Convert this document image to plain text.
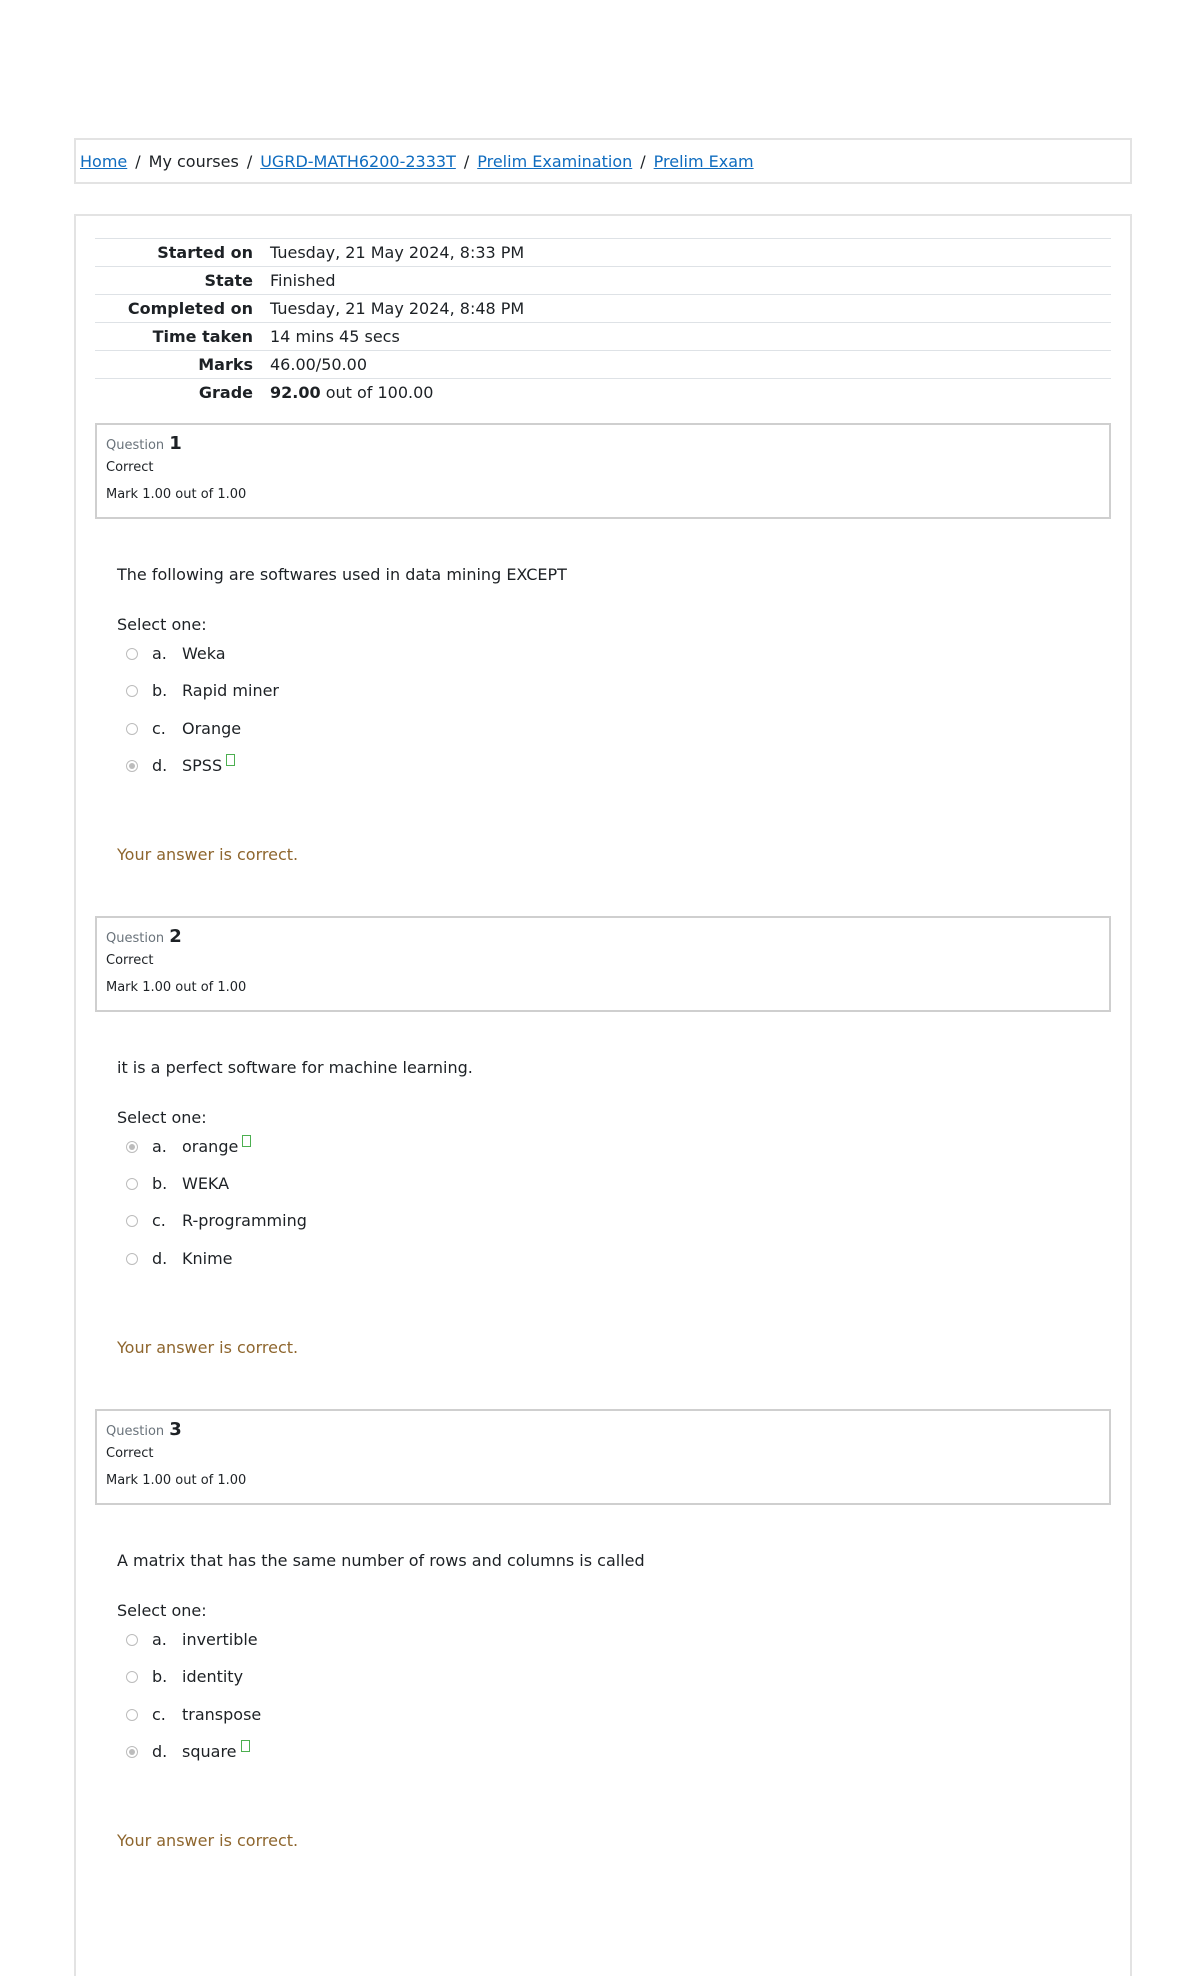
Home / My courses / UGRD-MATH6200-2333T / Prelim Examination / Prelim Exam
Started on	Tuesday, 21 May 2024, 8:33 PM
State	Finished
Completed on	Tuesday, 21 May 2024, 8:48 PM
Time taken	14 mins 45 secs
Marks	46.00/50.00
Grade	92.00 out of 100.00
Question 1
Correct
Mark 1.00 out of 1.00
The following are softwares used in data mining EXCEPT
Select one:
a. Weka
b. Rapid miner
c.	Orange
d. SPSS
Your answer is correct.
Question 2
Correct
Mark 1.00 out of 1.00
it is a perfect software for machine learning.
Select one:
a. orange
b. WEKA
c.	R-programming
d. Knime
Your answer is correct.
Question 3
Correct
Mark 1.00 out of 1.00
A matrix that has the same number of rows and columns is called
Select one:
a. invertible
b. identity
c.	transpose
d. square
Your answer is correct.
